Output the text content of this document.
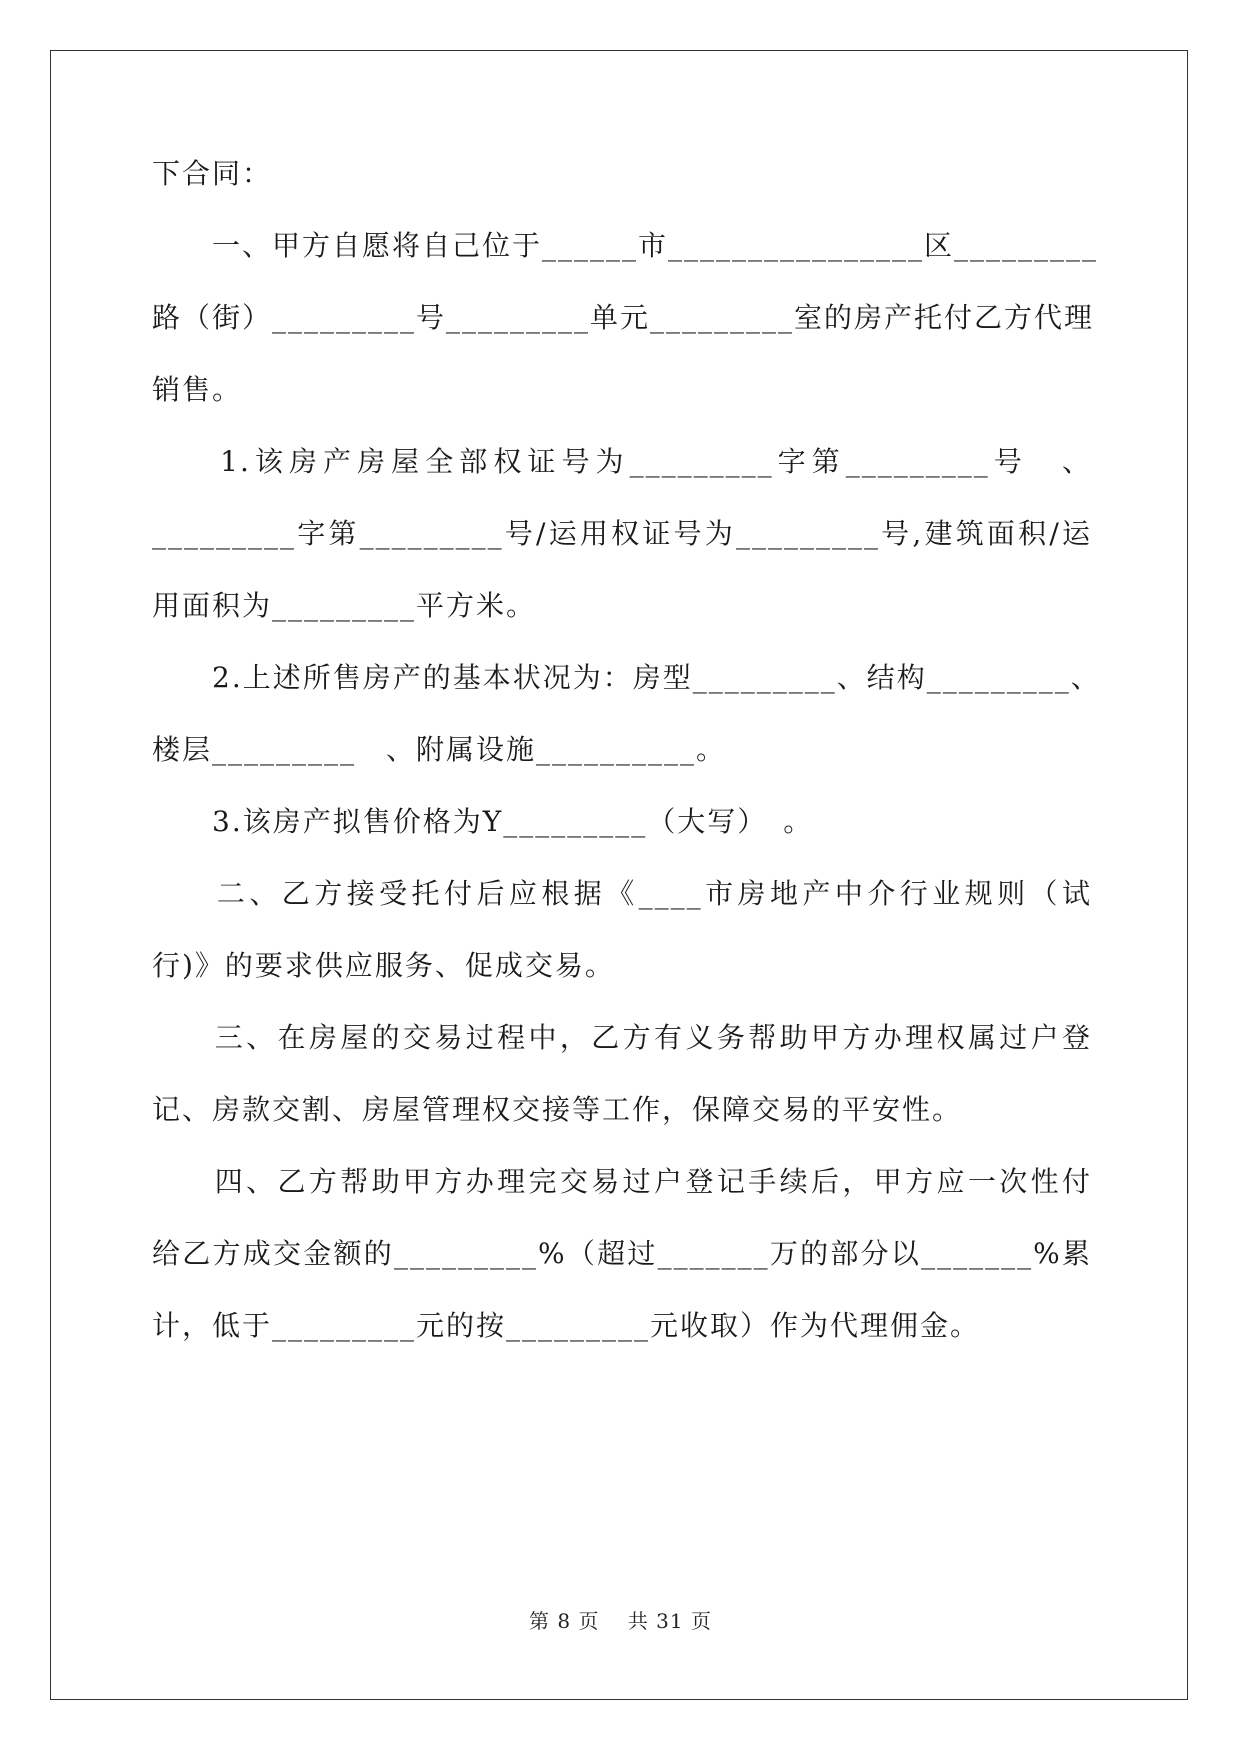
下合同：
　　一、甲方自愿将自己位于______市________________区_________
路（街）_________号_________单元_________室的房产托付乙方代理
销售。
　　1.该房产房屋全部权证号为_________字第_________号　、
_________字第_________号/运用权证号为_________号,建筑面积/运
用面积为_________平方米。
　　2.上述所售房产的基本状况为：房型_________、结构_________、
楼层_________　、附属设施__________。
　　3.该房产拟售价格为Y_________（大写）　。
　　二、乙方接受托付后应根据《____市房地产中介行业规则（试
行)》的要求供应服务、促成交易。
　　三、在房屋的交易过程中，乙方有义务帮助甲方办理权属过户登
记、房款交割、房屋管理权交接等工作，保障交易的平安性。
　　四、乙方帮助甲方办理完交易过户登记手续后，甲方应一次性付
给乙方成交金额的_________%（超过_______万的部分以_______%累
计，低于_________元的按_________元收取）作为代理佣金。
第 8 页　 共 31 页
